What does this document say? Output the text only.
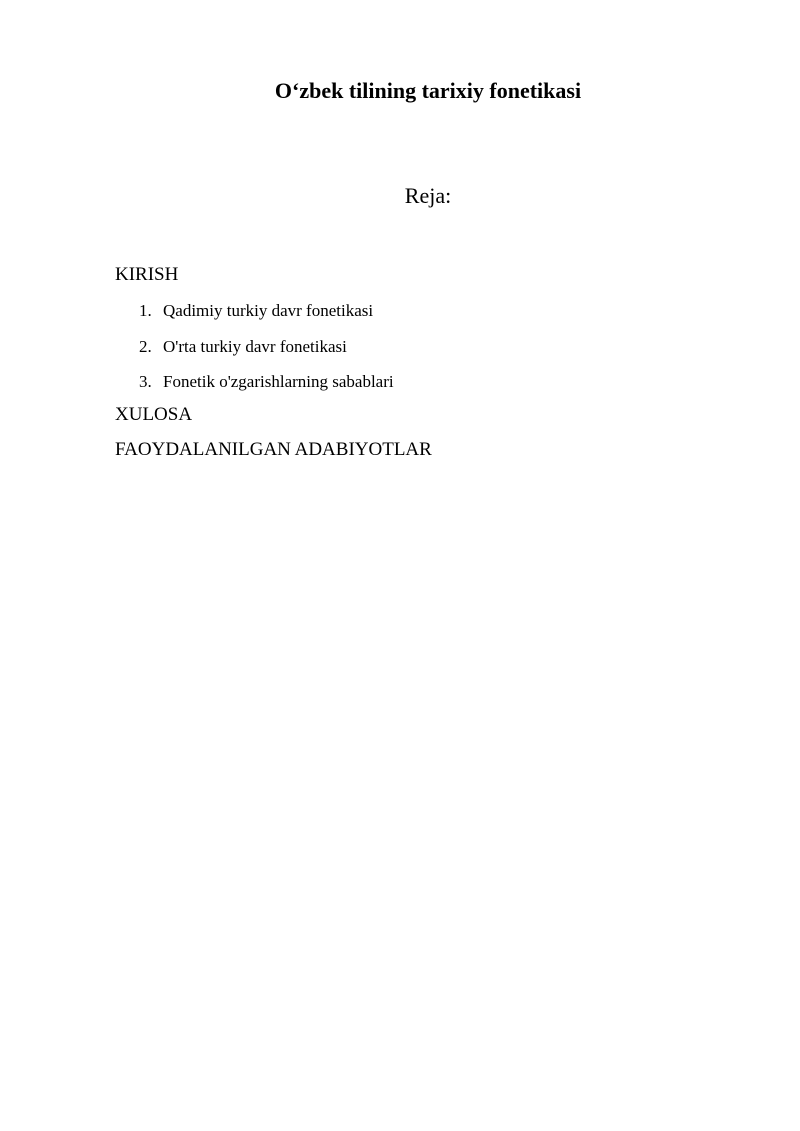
O‘zbek tilining tarixiy fonetikasi
Reja:

KIRISH

1. Qadimiy turkiy davr fonetikasi
2. O'rta turkiy davr fonetikasi
3. Fonetik o'zgarishlarning sabablari

XULOSA

FAOYDALANILGAN ADABIYOTLAR
